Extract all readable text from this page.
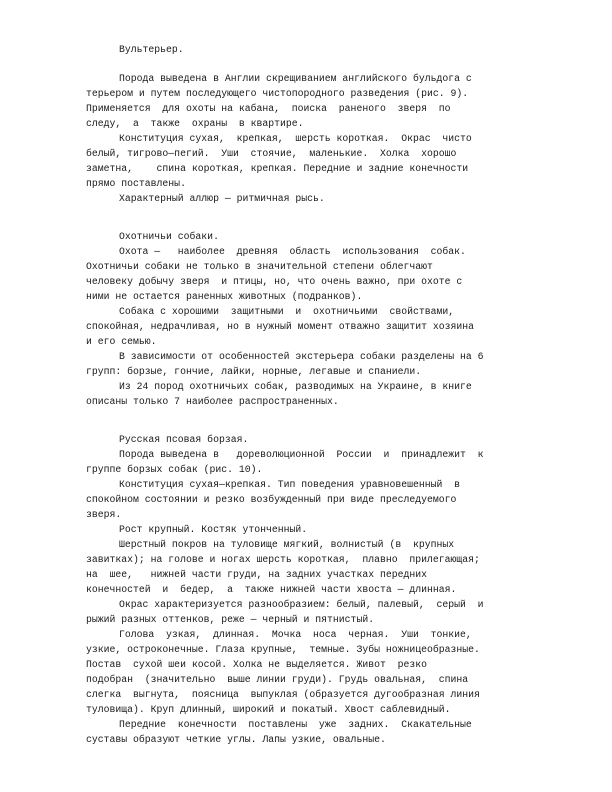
Вультерьер.
Порода выведена в Англии скрещиванием английского бульдога с
терьером и путем последующего чистопородного разведения (рис. 9).
Применяется  для охоты на кабана,  поиска  раненого  зверя  по
следу,  а  также  охраны  в квартире.
Конституция сухая,  крепкая,  шерсть короткая.  Окрас  чисто
белый, тигрово—пегий.  Уши  стоячие,  маленькие.  Холка  хорошо
заметна,    спина короткая, крепкая. Передние и задние конечности
прямо поставлены.
Характерный аллюр — ритмичная рысь.
Охотничьи собаки.
Охота —   наиболее  древняя  область  использования  собак.
Охотничьи собаки не только в значительной степени облегчают
человеку добычу зверя  и птицы, но, что очень важно, при охоте с
ними не остается раненных животных (подранков).
Собака с хорошими  защитными  и  охотничьими  свойствами,
спокойная, недрачливая, но в нужный момент отважно защитит хозяина
и его семью.
В зависимости от особенностей экстерьера собаки разделены на 6
групп: борзые, гончие, лайки, норные, легавые и спаниели.
Из 24 пород охотничьих собак, разводимых на Украине, в книге
описаны только 7 наиболее распространенных.
Русская псовая борзая.
Порода выведена в   дореволюционной  России  и  принадлежит  к
группе борзых собак (рис. 10).
Конституция сухая—крепкая. Тип поведения уравновешенный  в
спокойном состоянии и резко возбужденный при виде преследуемого
зверя.
Рост крупный. Костяк утонченный.
Шерстный покров на туловище мягкий, волнистый (в  крупных
завитках); на голове и ногах шерсть короткая,  плавно  прилегающая;
на  шее,   нижней части груди, на задних участках передних
конечностей  и  бедер,  а  также нижней части хвоста — длинная.
Окрас характеризуется разнообразием: белый, палевый,  серый  и
рыжий разных оттенков, реже — черный и пятнистый.
Голова  узкая,  длинная.  Мочка  носа  черная.  Уши  тонкие,
узкие, остроконечные. Глаза крупные,  темные. Зубы ножницеобразные.
Постав  сухой шеи косой. Холка не выделяется. Живот  резко
подобран  (значительно  выше линии груди). Грудь овальная,  спина
слегка  выгнута,  поясница  выпуклая (образуется дугообразная линия
туловища). Круп длинный, широкий и покатый. Хвост саблевидный.
Передние  конечности  поставлены  уже  задних.  Скакательные
суставы образуют четкие углы. Лапы узкие, овальные.
